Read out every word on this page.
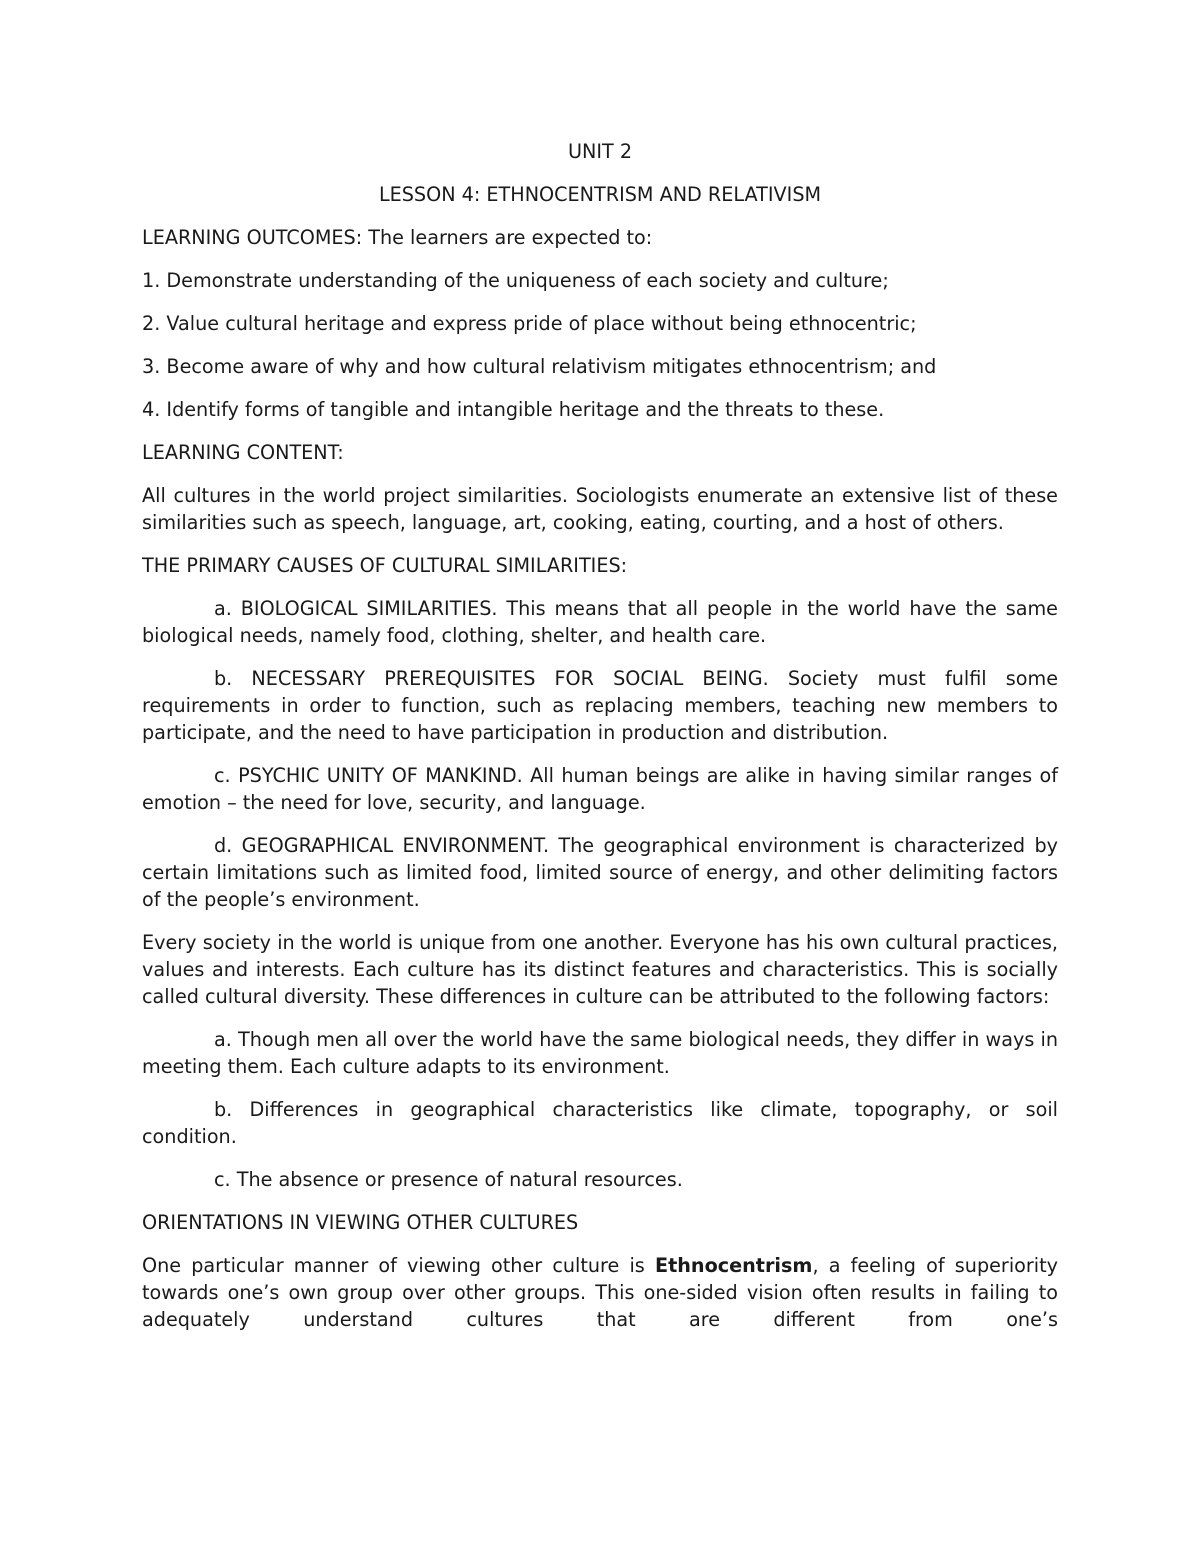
UNIT 2

LESSON 4: ETHNOCENTRISM AND RELATIVISM

LEARNING OUTCOMES: The learners are expected to:

1. Demonstrate understanding of the uniqueness of each society and culture;

2. Value cultural heritage and express pride of place without being ethnocentric;

3. Become aware of why and how cultural relativism mitigates ethnocentrism; and

4. Identify forms of tangible and intangible heritage and the threats to these.

LEARNING CONTENT:

All cultures in the world project similarities. Sociologists enumerate an extensive list of these similarities such as speech, language, art, cooking, eating, courting, and a host of others.

THE PRIMARY CAUSES OF CULTURAL SIMILARITIES:

a. BIOLOGICAL SIMILARITIES. This means that all people in the world have the same biological needs, namely food, clothing, shelter, and health care.

b. NECESSARY PREREQUISITES FOR SOCIAL BEING. Society must fulfil some requirements in order to function, such as replacing members, teaching new members to participate, and the need to have participation in production and distribution.

c. PSYCHIC UNITY OF MANKIND. All human beings are alike in having similar ranges of emotion – the need for love, security, and language.

d. GEOGRAPHICAL ENVIRONMENT. The geographical environment is characterized by certain limitations such as limited food, limited source of energy, and other delimiting factors of the people’s environment.

Every society in the world is unique from one another. Everyone has his own cultural practices, values and interests. Each culture has its distinct features and characteristics. This is socially called cultural diversity. These differences in culture can be attributed to the following factors:

a. Though men all over the world have the same biological needs, they differ in ways in meeting them. Each culture adapts to its environment.

b. Differences in geographical characteristics like climate, topography, or soil condition.

c. The absence or presence of natural resources.

ORIENTATIONS IN VIEWING OTHER CULTURES

One particular manner of viewing other culture is Ethnocentrism, a feeling of superiority towards one’s own group over other groups. This one-sided vision often results in failing to adequately understand cultures that are different from one’s
